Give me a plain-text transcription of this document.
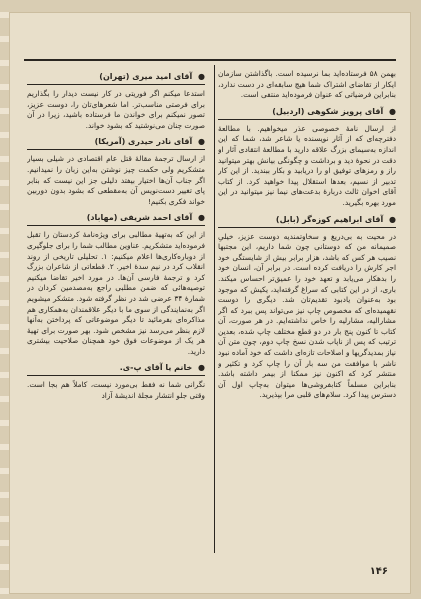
بهمن ۵۸ فرستاده‌اید بما نرسیده است. باگذاشتن سازمان ایکار از تقاضای اشتراک شما هیچ سابقه‌ای در دست ندارد، بنابراین فرضیاتی که عنوان فرموده‌اید منتفی است.

● آقای پرویز شکوهی (اردبیل)

از ارسال نامهٔ خصوصی عذر میخواهیم. با مطالعهٔ دفترچه‌ای که از آثار نویسنده یا شاعر شد، شما که این اندازه به‌سیمای بزرگ علاقه دارید با مطالعهٔ انتقادی آثار او دقت در نحوهٔ دید و برداشت و چگونگی بیانش بهتر میتوانید راز و رمزهای توفیق او را دریابید و بکار ببندید. از این کار تدبیر از نسیم، بعدها استقلال پیدا خواهید کرد. از کتاب آقای اخوان ثالث دربارهٔ بدعت‌های نیما نیز میتوانید در این مورد بهره بگیرید.

● آقای ابراهیم کوزه‌گر (بابل)

در محیت به بی‌دریغ و سخاوتمندیه دوست عزیز، خیلیِ صمیمانه من که دوستانی چون شما داریم، این مجتبها نصیب هر کس که باشد، هزار برابر بیش از شایستگی خود اجر کارش را دریافت کرده است. در برابر آن، انسان خود را بدهکار می‌یابد و تعهد خود را عمیق‌تر احساس میکند. باری، از در این کتابی که سراغ گرفته‌اید، یکیش که موجود بود به‌عنوان یادبود تقدیم‌تان شد. دیگری را دوست نقهمیده‌ای که مخصوص چاپ نیز می‌تواند پس ببرد که اگر مشارالیه، مشارلیه را خاص نداشته‌ایم. در هر صورت، آن کتاب تا کنون پنج بار در دو قطع مختلف چاپ شده، بعدین ترتیب که پس از ناپاب شدن نسخ چاپ دوم، چون متن آن نیاز بمدیدگریها و اصلاحات تازه‌ای داشت که خود آماده نبود ناشر با موافقت من سه بار آن را چاپ کرد و تکثیر و منتشر کرد که اکنون نیز ممکنا از بیمر داشته باشد. بنابراین مسلماً کتابفروشی‌ها میتوان به‌چاپ اول آن دسترس پیدا کرد. سلام‌های قلبی مرا بپذیرید.

● آقای امید میری (تهران)

استدعا میکنم اگر فوریتی در کار نیست دیدار را بگذاریم برای فرصتی مناسب‌تر. اما شعرهای‌تان را، دوست عزیز، تصور نمیکنم برای خواندن ما فرستاده باشید، زیرا در آن صورت چنان می‌نوشتید که بشود خواند.

● آقای نادر حیدری (آمریکا)

از ارسال ترجمهٔ مقالهٔ قتل عام اقتصادی در شیلی بسیار متشکریم ولی حکمت چیز نوشتن به‌این زبان را نمیدانیم. اگر جناب آن‌ها اختیار بیفتد دلیلی جز این نیست که بنابر پای تغییر دست‌نویس آن به‌مقطعی که بشود بدون دوربین خواند فکری بکنیم!

● آقای احمد شریفی (مهاباد)

از این که به‌تهیهٔ مطالبی برای ویژه‌نامهٔ کردستان را تقبل فرموده‌اید متشکریم. عناوین مطالب شما را برای جلوگیری از دوباره‌کاری‌ها اعلام میکنیم: ۱. تحلیلی تاریخی از روند انقلاب کرد در نیم سدهٔ اخیر. ۲. قطعاتی از شاعران بزرگ کرد و ترجمهٔ فارسی آن‌ها. در مورد اخیر تقاضا میکنیم توصیه‌هائی که ضمن مطلبی راجع به‌مصدمین کردان در شمارهٔ ۳۴ عرضی شد در نظر گرفته شود. متشکر میشویم اگر به‌نمایندگی از سوی ما با دیگر علاقمندان به‌همکاری هم مذاکره‌ای بفرمائید تا دیگر موضوعاتی که پرداختن به‌آنها لازم بنظر می‌رسد نیز مشخص شود. بهر صورت برای تهیهٔ هر یک از موضوعات فوق خود همچنان صلاحیت بیشتری دارید.

● خانم یا آقای پ-ی.

نگرانی شما نه فقط بی‌مورد نیست، کاملاً هم بجا است. وقتی جلو انتشار مجلهٔ اندیشهٔ آزاد

۱۴۶
